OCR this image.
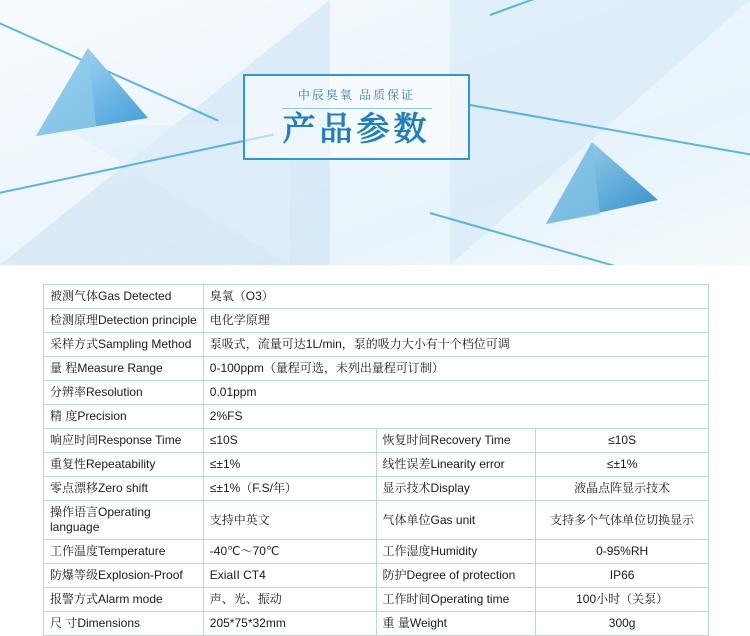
中辰臭氧 品质保证
产品参数
被测气体Gas Detected	臭氧（O3）		
检测原理Detection principle	电化学原理		
采样方式Sampling Method	泵吸式，流量可达1L/min，泵的吸力大小有十个档位可调		
量 程Measure Range	0-100ppm（量程可选，未列出量程可订制）		
分辨率Resolution	0.01ppm		
精 度Precision	2%FS		
响应时间Response Time	≤10S	恢复时间Recovery Time	≤10S
重复性Repeatability	≤±1%	线性误差Linearity error	≤±1%
零点漂移Zero shift	≤±1%（F.S/年）	显示技术Display	液晶点阵显示技术
操作语言Operating language	支持中英文	气体单位Gas unit	支持多个气体单位切换显示
工作温度Temperature	-40℃～70℃	工作湿度Humidity	0-95%RH
防爆等级Explosion-Proof	ExiaII CT4	防护Degree of protection	IP66
报警方式Alarm mode	声、光、振动	工作时间Operating time	100小时（关泵）
尺 寸Dimensions	205*75*32mm	重 量Weight	300g
